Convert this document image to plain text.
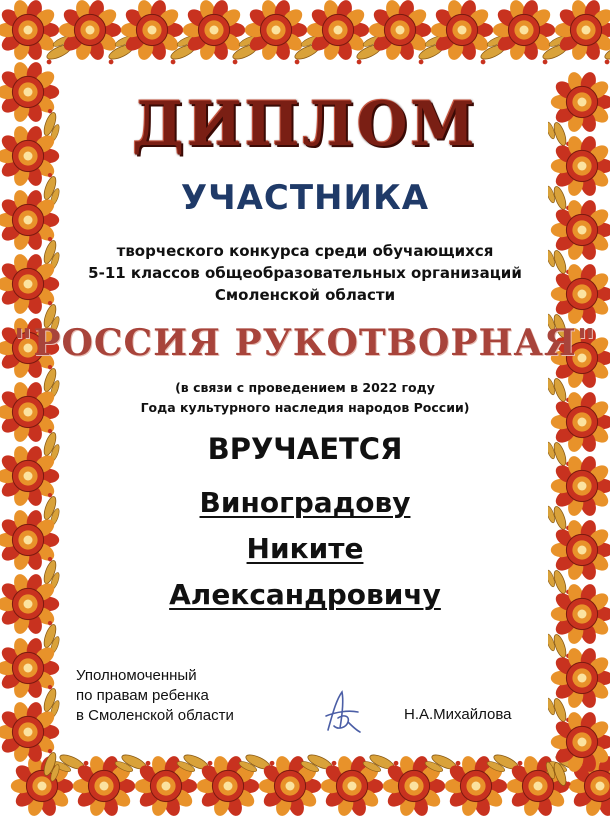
ДИПЛОМ
УЧАСТНИКА
творческого конкурса среди обучающихся
5-11 классов общеобразовательных организаций
Смоленской области
"РОССИЯ РУКОТВОРНАЯ"
(в связи с проведением в 2022 году
Года культурного наследия народов России)
ВРУЧАЕТСЯ
Виноградову
Никите
Александровичу
Уполномоченный
по правам ребенка
в Смоленской области	Н.А.Михайлова
